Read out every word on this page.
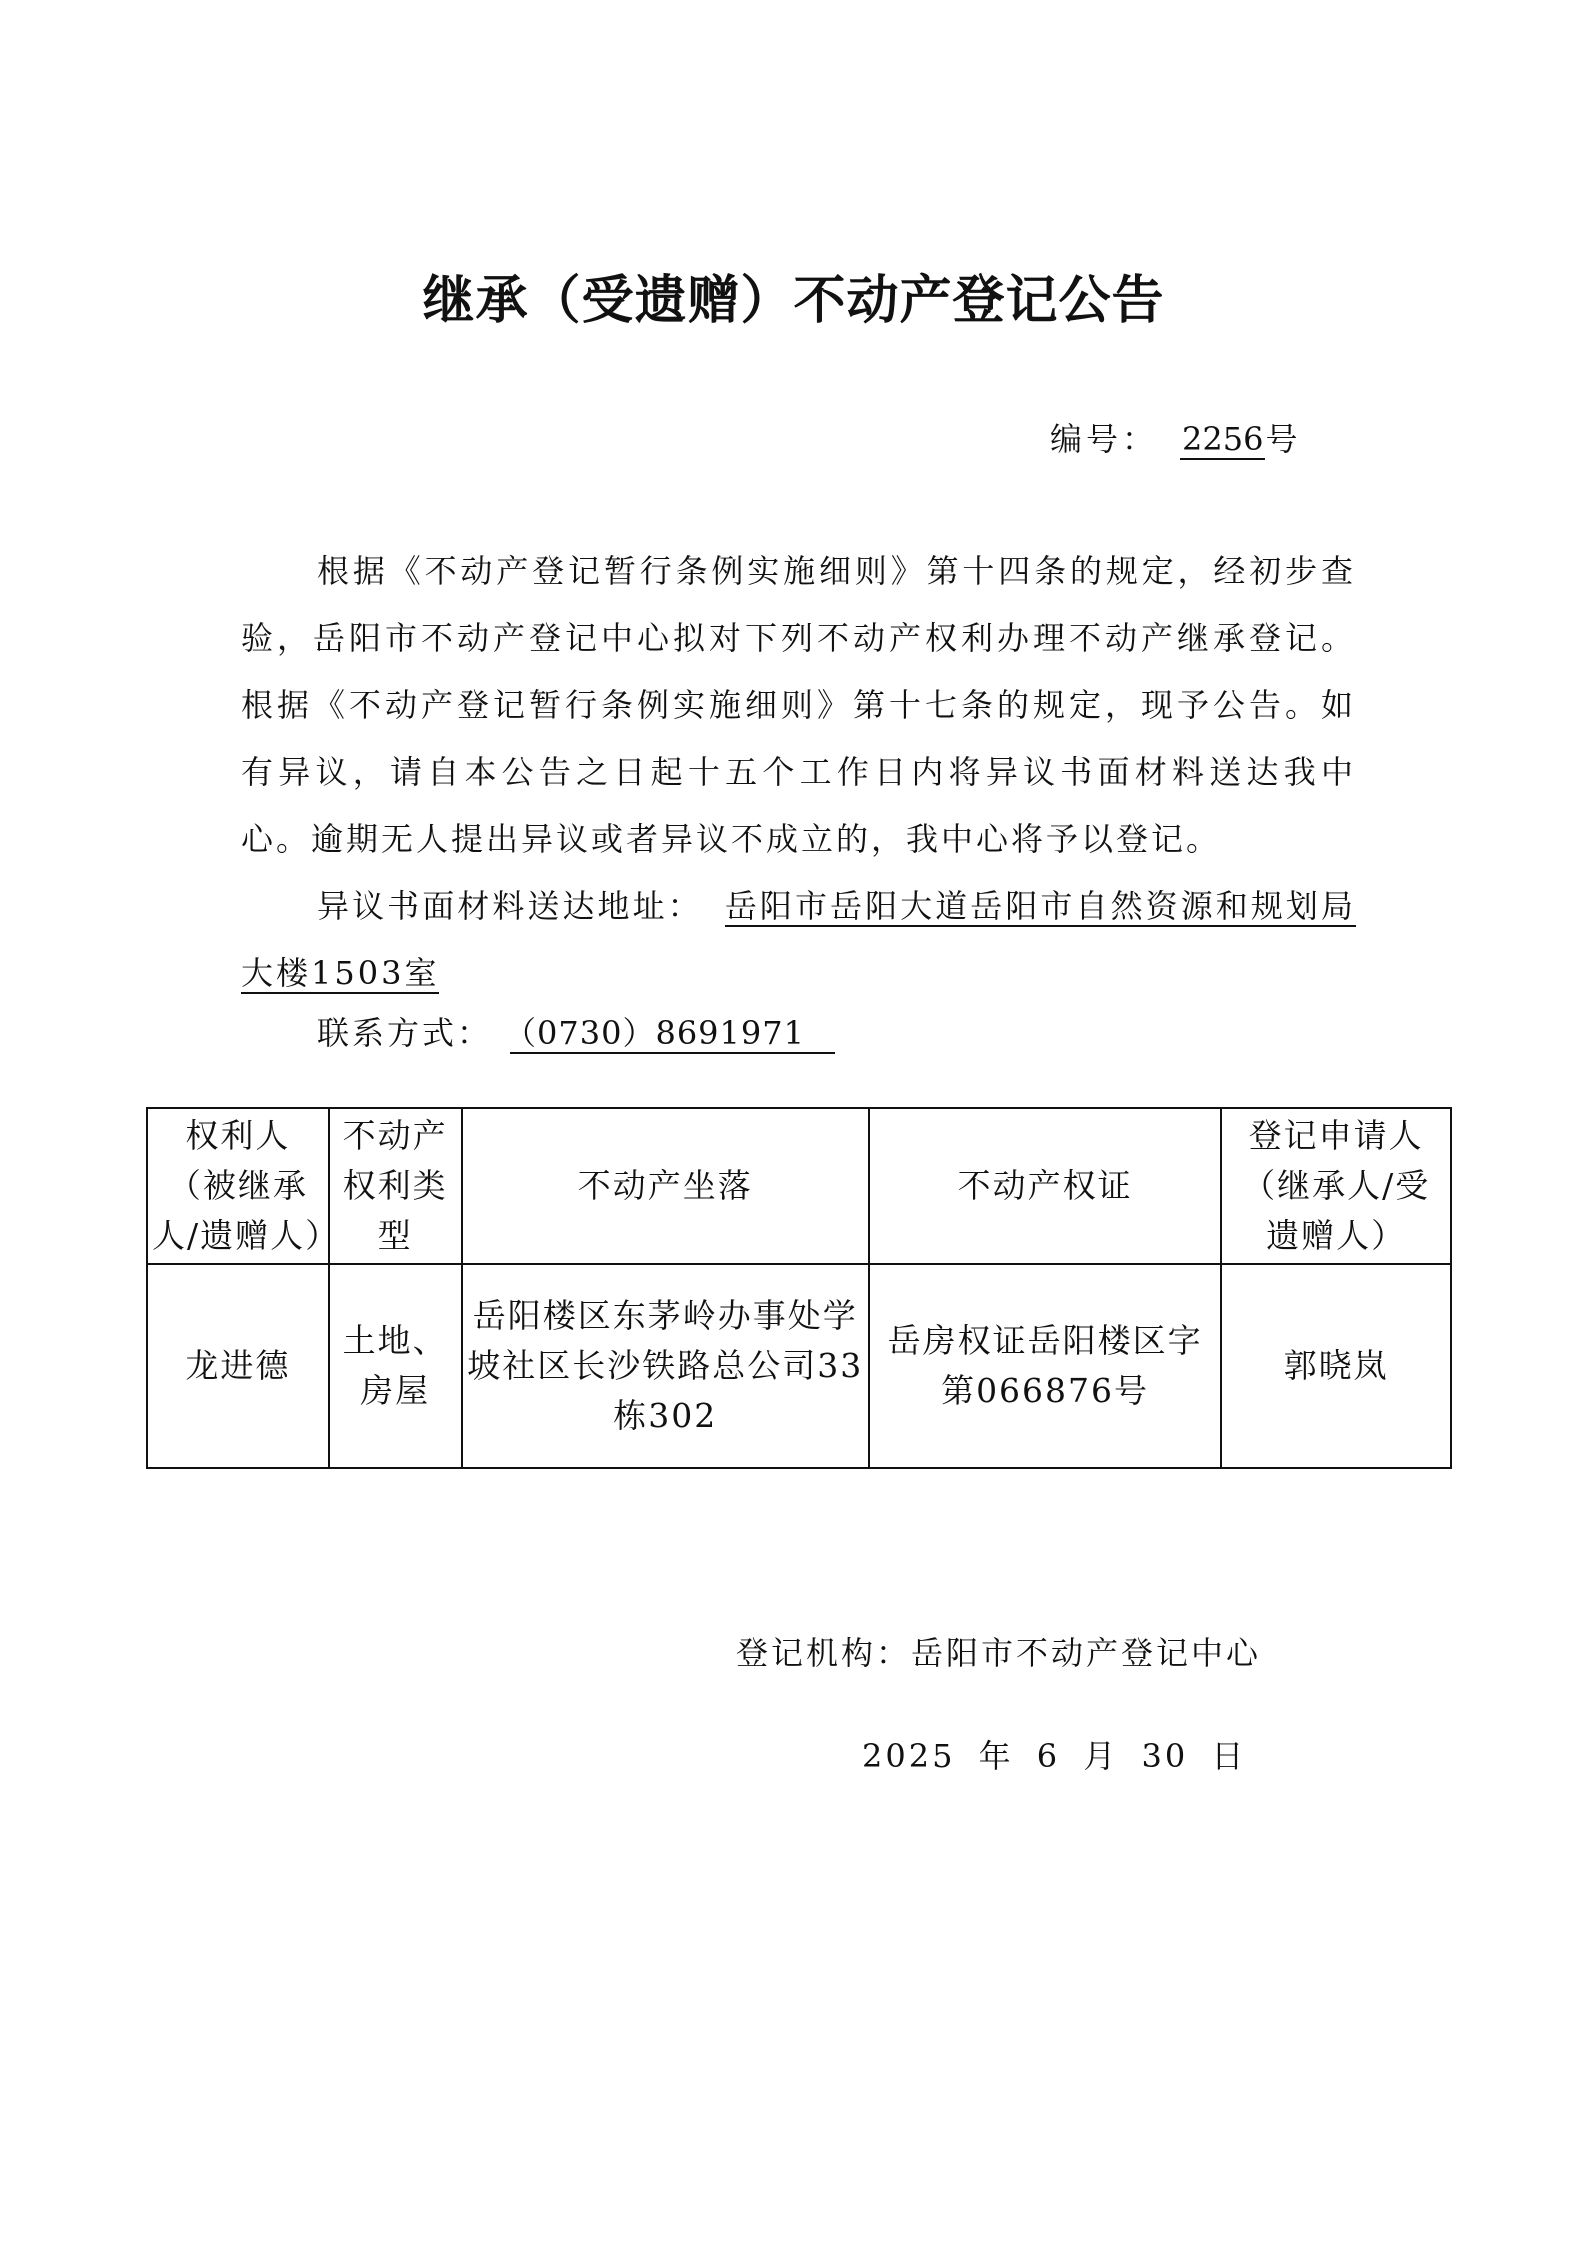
继承（受遗赠）不动产登记公告
编号： 2256号

根据《不动产登记暂行条例实施细则》第十四条的规定，经初步查验，岳阳市不动产登记中心拟对下列不动产权利办理不动产继承登记。根据《不动产登记暂行条例实施细则》第十七条的规定，现予公告。如有异议，请自本公告之日起十五个工作日内将异议书面材料送达我中心。逾期无人提出异议或者异议不成立的，我中心将予以登记。

异议书面材料送达地址： 岳阳市岳阳大道岳阳市自然资源和规划局大楼1503室

联系方式： （0730）8691971
权利人（被继承人/遗赠人）	不动产权利类型	不动产坐落	不动产权证	登记申请人（继承人/受遗赠人）
龙进德	土地、房屋	岳阳楼区东茅岭办事处学坡社区长沙铁路总公司33栋302	岳房权证岳阳楼区字第066876号	郭晓岚
登记机构：岳阳市不动产登记中心
2025 年 6 月 30 日
